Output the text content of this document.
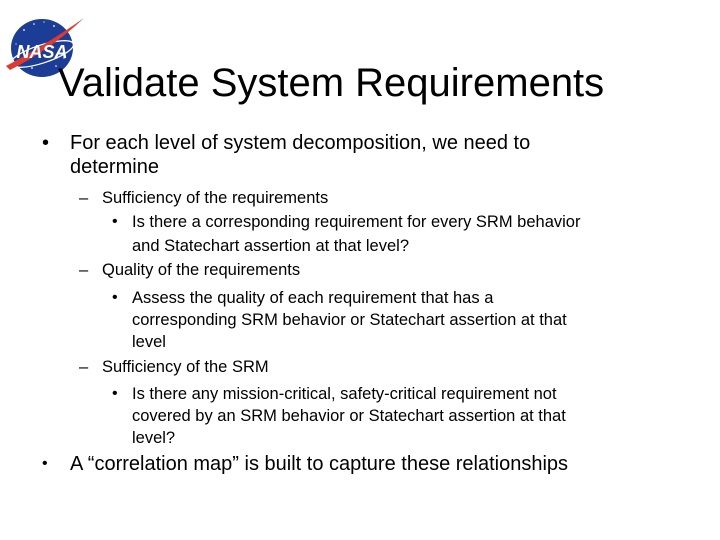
NASA
Validate System Requirements
• For each level of system decomposition, we need to

determine

– Sufficiency of the requirements

• Is there a corresponding requirement for every SRM behavior

and Statechart assertion at that level?

– Quality of the requirements

• Assess the quality of each requirement that has a

corresponding SRM behavior or Statechart assertion at that

level

– Sufficiency of the SRM

• Is there any mission-critical, safety-critical requirement not

covered by an SRM behavior or Statechart assertion at that

level?

• A “correlation map” is built to capture these relationships
